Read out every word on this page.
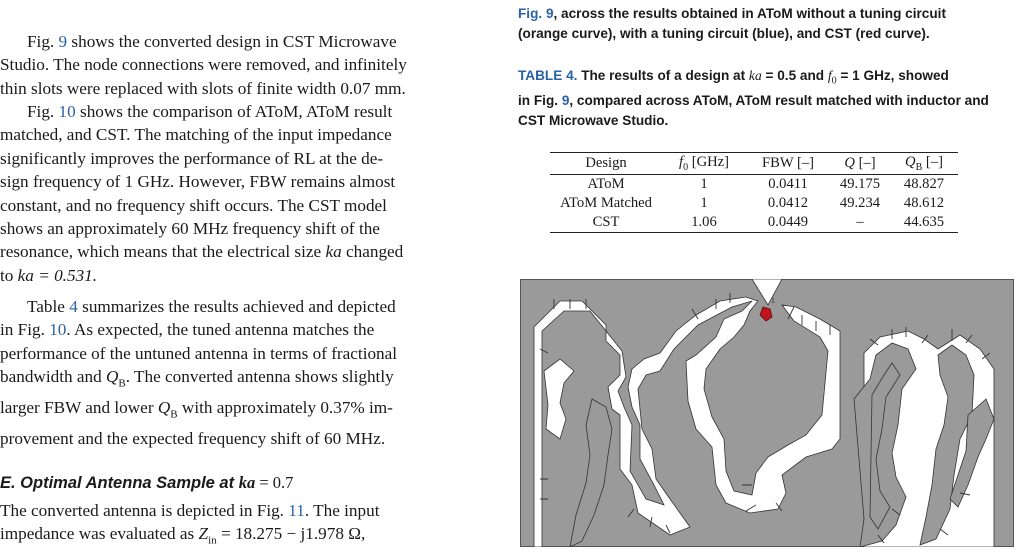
Fig. 9 shows the converted design in CST Microwave

Studio. The node connections were removed, and infinitely

thin slots were replaced with slots of finite width 0.07 mm.

Fig. 10 shows the comparison of AToM, AToM result

matched, and CST. The matching of the input impedance

significantly improves the performance of RL at the de-

sign frequency of 1 GHz. However, FBW remains almost

constant, and no frequency shift occurs. The CST model

shows an approximately 60 MHz frequency shift of the

resonance, which means that the electrical size ka changed

to ka = 0.531.

Table 4 summarizes the results achieved and depicted

in Fig. 10. As expected, the tuned antenna matches the

performance of the untuned antenna in terms of fractional

bandwidth and $Q_B$. The converted antenna shows slightly

larger FBW and lower $Q_B$ with approximately 0.37% im-

provement and the expected frequency shift of 60 MHz.

E. Optimal Antenna Sample at ka = 0.7

The converted antenna is depicted in Fig. 11. The input

impedance was evaluated as $Z_{in} = 18.275 - j1.978$ Ω,

Fig. 9, across the results obtained in AToM without a tuning circuit
(orange curve), with a tuning circuit (blue), and CST (red curve).
TABLE 4. The results of a design at ka = 0.5 and $f_0 = 1$ GHz, showed
in Fig. 9, compared across AToM, AToM result matched with inductor and
CST Microwave Studio.
Design	$f_0$ [GHz]	FBW [–]	Q [–]	$Q_B$ [–]
AToM	1	0.0411	49.175	48.827
AToM Matched	1	0.0412	49.234	48.612
CST	1.06	0.0449	–	44.635
1
